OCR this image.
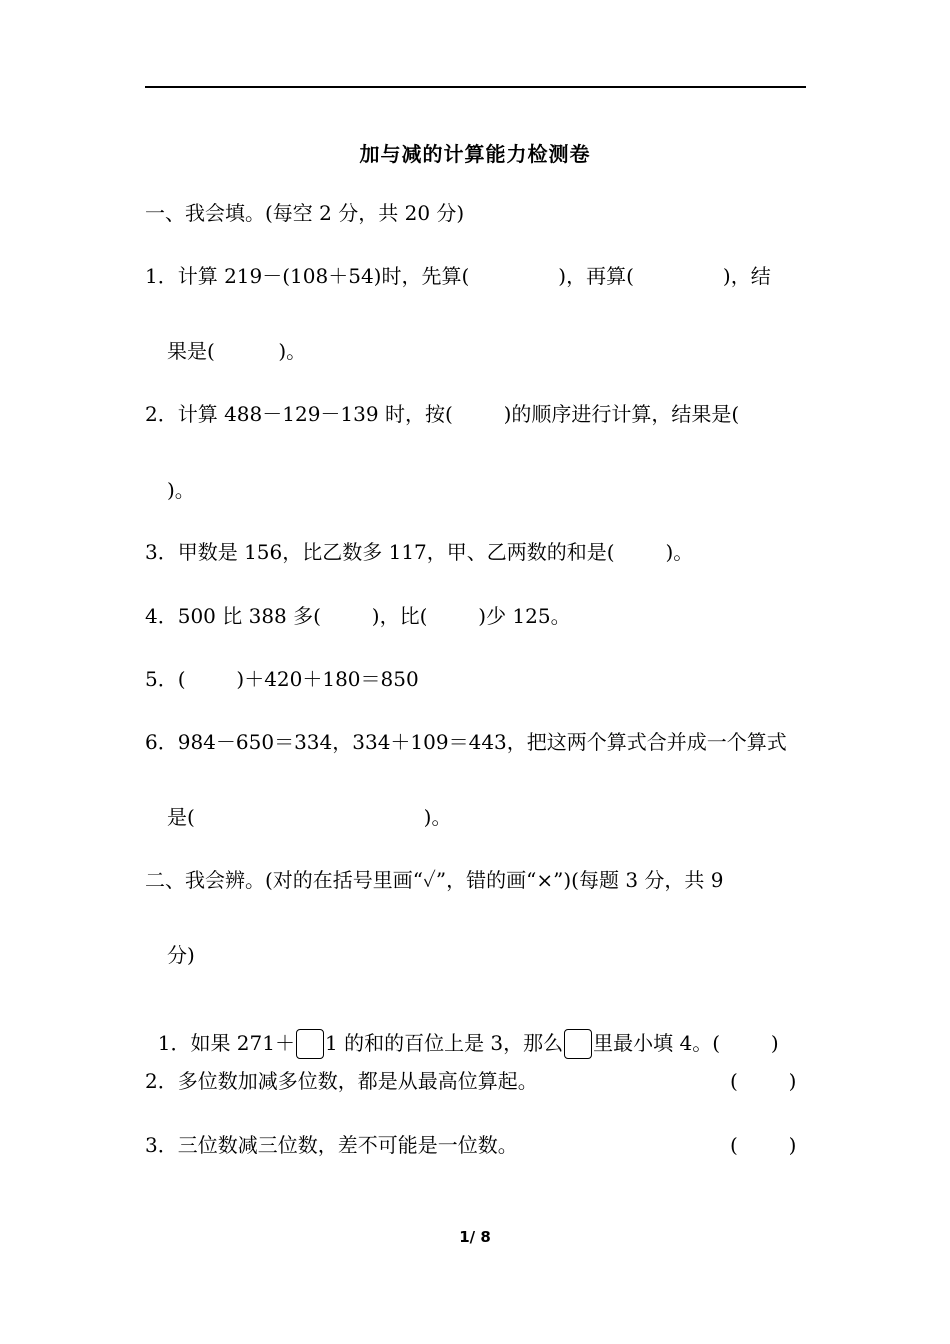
加与减的计算能力检测卷
一、我会填。(每空 2 分，共 20 分)
1．计算 219－(108＋54)时，先算(              )，再算(              )，结
果是(          )。
2．计算 488－129－139 时，按(        )的顺序进行计算，结果是(
)。
3．甲数是 156，比乙数多 117，甲、乙两数的和是(        )。
4．500 比 388 多(        )，比(        )少 125。
5．(        )＋420＋180＝850
6．984－650＝334，334＋109＝443，把这两个算式合并成一个算式
是(                                    )。
二、我会辨。(对的在括号里画“✓”，错的画“×”)(每题 3 分，共 9
分)

1．如果 271＋ 1 的和的百位上是 3，那么 里最小填 4。(        )

2．多位数加减多位数，都是从最高位算起。	(        )
3．三位数减三位数，差不可能是一位数。	(        )
1/ 8
